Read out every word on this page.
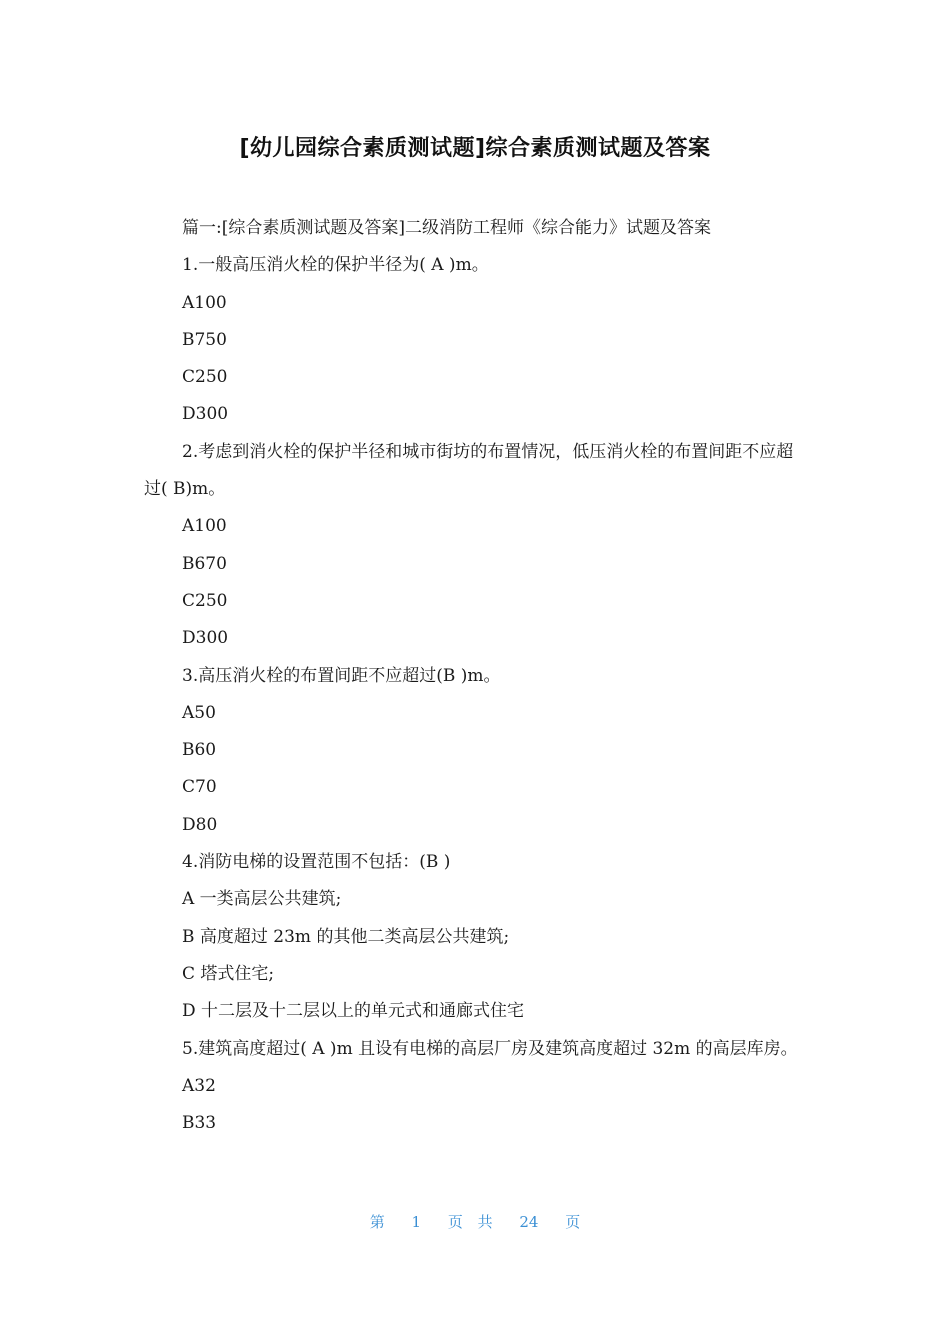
[幼儿园综合素质测试题]综合素质测试题及答案

篇一:[综合素质测试题及答案]二级消防工程师《综合能力》试题及答案

1.一般高压消火栓的保护半径为( A )m。

A100

B750

C250

D300

2.考虑到消火栓的保护半径和城市街坊的布置情况，低压消火栓的布置间距不应超过( B)m。

A100

B670

C250

D300

3.高压消火栓的布置间距不应超过(B )m。

A50

B60

C70

D80

4.消防电梯的设置范围不包括：(B )

A 一类高层公共建筑;

B 高度超过 23m 的其他二类高层公共建筑;

C 塔式住宅;

D 十二层及十二层以上的单元式和通廊式住宅

5.建筑高度超过( A )m 且设有电梯的高层厂房及建筑高度超过 32m 的高层库房。

A32

B33

第 1 页 共 24 页
